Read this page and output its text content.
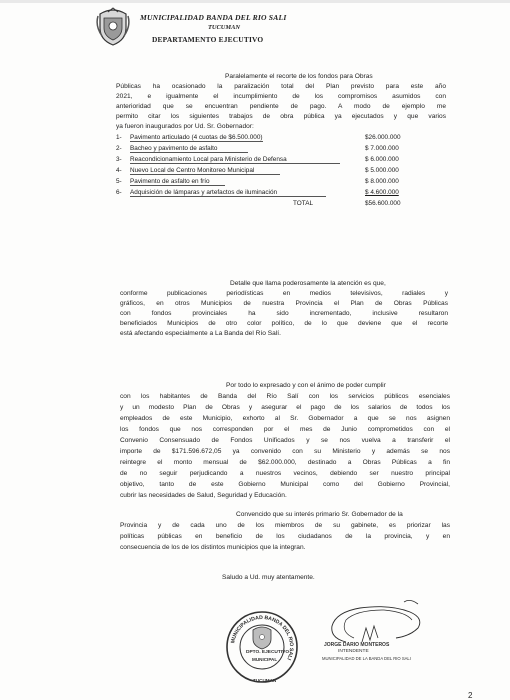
MUNICIPALIDAD BANDA DEL RIO SALI
TUCUMAN
DEPARTAMENTO EJECUTIVO
Paralelamente el recorte de los fondos para Obras
Públicas ha ocasionado la paralización total del Plan previsto para este año
2021, e igualmente el incumplimiento de los compromisos asumidos con
anterioridad que se encuentran pendiente de pago. A modo de ejemplo me
permito citar los siguientes trabajos de obra pública ya ejecutados y que varios
ya fueron inaugurados por Ud. Sr. Gobernador:
1- Pavimento articulado (4 cuotas de $6.500.000)	$26.000.000
2- Bacheo y pavimento de asfalto	$ 7.000.000
3- Reacondicionamiento Local para Ministerio de Defensa	$ 6.000.000
4- Nuevo Local de Centro Monitoreo Municipal	$ 5.000.000
5- Pavimento de asfalto en frío	$ 8.000.000
6- Adquisición de lámparas y artefactos de iluminación	$ 4.600.000
TOTAL	$56.600.000
Detalle que llama poderosamente la atención es que,
conforme publicaciones periodísticas en medios televisivos, radiales y
gráficos, en otros Municipios de nuestra Provincia el Plan de Obras Públicas
con fondos provinciales ha sido incrementado, inclusive resultaron
beneficiados Municipios de otro color político, de lo que deviene que el recorte
está afectando especialmente a La Banda del Río Salí.
Por todo lo expresado y con el ánimo de poder cumplir
con los habitantes de Banda del Río Salí con los servicios públicos esenciales
y un modesto Plan de Obras y asegurar el pago de los salarios de todos los
empleados de este Municipio, exhorto al Sr. Gobernador a que se nos asignen
los fondos que nos corresponden por el mes de Junio comprometidos con el
Convenio Consensuado de Fondos Unificados y se nos vuelva a transferir el
importe de $171.596.672,05 ya convenido con su Ministerio y además se nos
reintegre el monto mensual de $62.000.000, destinado a Obras Públicas a fin
de no seguir perjudicando a nuestros vecinos, debiendo ser nuestro principal
objetivo, tanto de este Gobierno Municipal como del Gobierno Provincial,
cubrir las necesidades de Salud, Seguridad y Educación.
Convencido que su interés primario Sr. Gobernador de la
Provincia y de cada uno de los miembros de su gabinete, es priorizar las
políticas públicas en beneficio de los ciudadanos de la provincia, y en
consecuencia de los de los distintos municipios que la integran.
Saludo a Ud. muy atentamente.
MUNICIPALIDAD BANDA DEL RIO SALI
DPTO. EJECUTIVO
MUNICIPAL
TUCUMAN
JORGE DARIO MONTEROS
INTENDENTE
MUNICIPALIDAD DE LA BANDA DEL RIO SALI
2
